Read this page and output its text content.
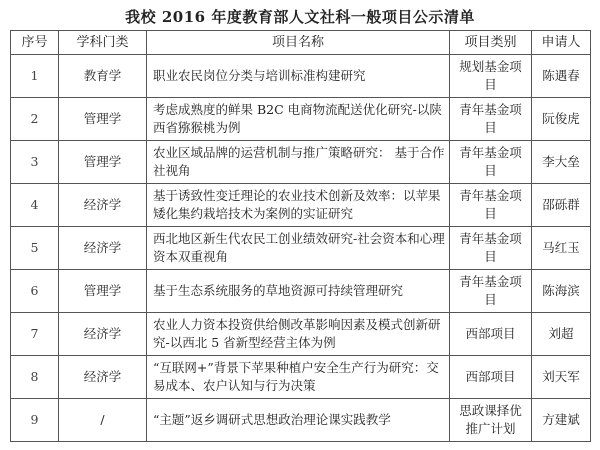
我校 2016 年度教育部人文社科一般项目公示清单
序号	学科门类	项目名称	项目类别	申请人
1	教育学	职业农民岗位分类与培训标准构建研究	规划基金项目	陈遇春
2	管理学	考虑成熟度的鲜果 B2C 电商物流配送优化研究-以陕西省猕猴桃为例	青年基金项目	阮俊虎
3	管理学	农业区域品牌的运营机制与推广策略研究： 基于合作社视角	青年基金项目	李大垒
4	经济学	基于诱致性变迁理论的农业技术创新及效率：以苹果矮化集约栽培技术为案例的实证研究	青年基金项目	邵砾群
5	经济学	西北地区新生代农民工创业绩效研究-社会资本和心理资本双重视角	青年基金项目	马红玉
6	管理学	基于生态系统服务的草地资源可持续管理研究	青年基金项目	陈海滨
7	经济学	农业人力资本投资供给侧改革影响因素及模式创新研究-以西北 5 省新型经营主体为例	西部项目	刘超
8	经济学	“互联网+”背景下苹果种植户安全生产行为研究：交易成本、农户认知与行为决策	西部项目	刘天军
9	/	“主题”返乡调研式思想政治理论课实践教学	思政课择优推广计划	方建斌
